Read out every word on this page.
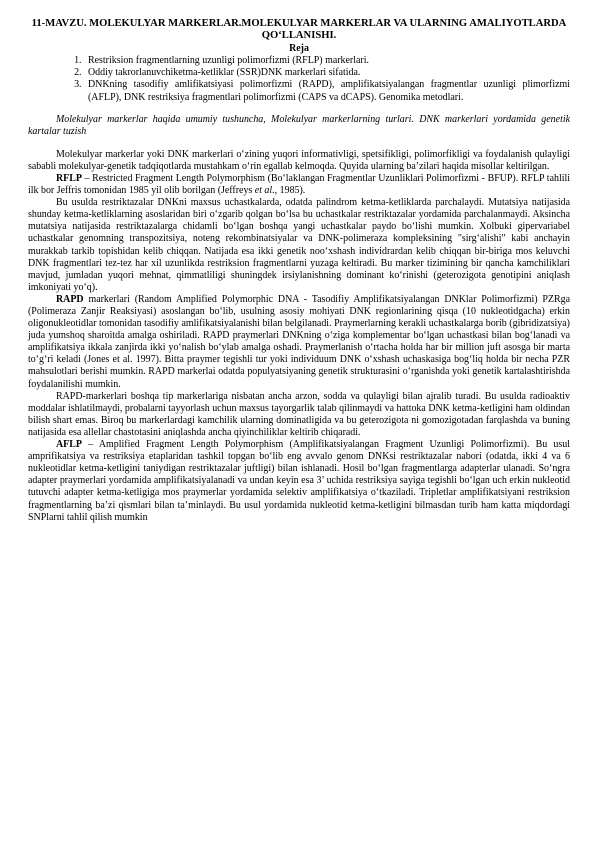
11-MAVZU. MOLEKULYAR MARKERLAR.MOLEKULYAR MARKERLAR VA ULARNING AMALIYOTLARDA QO‘LLANISHI.

Reja

1. Restriksion fragmentlarning uzunligi polimorfizmi (RFLP) markerlari.
2. Oddiy takrorlanuvchiketma-ketliklar (SSR)DNK markerlari sifatida.
3. DNKning tasodifiy amlifikatsiyasi polimorfizmi (RAPD), amplifikatsiyalangan fragmentlar uzunligi plimorfizmi (AFLP), DNK restriksiya fragmentlari polimorfizmi (CAPS va dCAPS). Genomika metodlari.

Molekulyar markerlar haqida umumiy tushuncha, Molekulyar markerlarning turlari. DNK markerlari yordamida genetik kartalar tuzish

Molekulyar markerlar yoki DNK markerlari o‘zining yuqori informativligi, spetsifikligi, polimorfikligi va foydalanish qulayligi sababli molekulyar-genetik tadqiqotlarda mustahkam o‘rin egallab kelmoqda. Quyida ularning ba’zilari haqida misollar keltirilgan.

RFLP – Restricted Fragment Length Polymorphism (Bo‘laklangan Fragmentlar Uzunliklari Polimorfizmi - BFUP). RFLP tahlili ilk bor Jeffris tomonidan 1985 yil olib borilgan (Jeffreys et al., 1985).

Bu usulda restriktazalar DNKni maxsus uchastkalarda, odatda palindrom ketma-ketliklarda parchalaydi. Mutatsiya natijasida shunday ketma-ketliklarning asoslaridan biri o‘zgarib qolgan bo‘lsa bu uchastkalar restriktazalar yordamida parchalanmaydi. Aksincha mutatsiya natijasida restriktazalarga chidamli bo‘lgan boshqa yangi uchastkalar paydo bo‘lishi mumkin. Xolbuki gipervariabel uchastkalar genomning transpozitsiya, noteng rekombinatsiyalar va DNK-polimeraza kompleksining "sirg‘alishi" kabi anchayin murakkab tarkib topishidan kelib chiqqan. Natijada esa ikki genetik noo‘xshash individrardan kelib chiqqan bir-biriga mos keluvchi DNK fragmentlari tez-tez har xil uzunlikda restriksion fragmentlarni yuzaga keltiradi. Bu marker tizimining bir qancha kamchiliklari mavjud, jumladan yuqori mehnat, qimmatliligi shuningdek irsiylanishning dominant ko‘rinishi (geterozigota genotipini aniqlash imkoniyati yo‘q).

RAPD markerlari (Random Amplified Polymorphic DNA - Tasodifiy Amplifikatsiyalangan DNKlar Polimorfizmi) PZRga (Polimeraza Zanjir Reaksiyasi) asoslangan bo‘lib, usulning asosiy mohiyati DNK regionlarining qisqa (10 nukleotidgacha) erkin oligonukleotidlar tomonidan tasodifiy amlifikatsiyalanishi bilan belgilanadi. Praymerlarning kerakli uchastkalarga borib (gibridizatsiya) juda yumshoq sharoitda amalga oshiriladi. RAPD praymerlari DNKning o‘ziga komplementar bo‘lgan uchastkasi bilan bog‘lanadi va amplifikatsiya ikkala zanjirda ikki yo‘nalish bo‘ylab amalga oshadi. Praymerlanish o‘rtacha holda har bir million juft asosga bir marta to‘g‘ri keladi (Jones et al. 1997). Bitta praymer tegishli tur yoki individuum DNK o‘xshash uchaskasiga bog‘liq holda bir necha PZR mahsulotlari berishi mumkin. RAPD markerlai odatda populyatsiyaning genetik strukturasini o‘rganishda yoki genetik kartalashtirishda foydalanilishi mumkin.

RAPD-markerlari boshqa tip markerlariga nisbatan ancha arzon, sodda va qulayligi bilan ajralib turadi. Bu usulda radioaktiv moddalar ishlatilmaydi, probalarni tayyorlash uchun maxsus tayorgarlik talab qilinmaydi va hattoka DNK ketma-ketligini ham oldindan bilish shart emas. Biroq bu markerlardagi kamchilik ularning dominatligida va bu geterozigota ni gomozigotadan farqlashda va buning natijasida esa allellar chastotasini aniqlashda ancha qiyinchiliklar keltirib chiqaradi.

AFLP – Amplified Fragment Length Polymorphism (Amplifikatsiyalangan Fragment Uzunligi Polimorfizmi). Bu usul amprifikatsiya va restriksiya etaplaridan tashkil topgan bo‘lib eng avvalo genom DNKsi restriktazalar nabori (odatda, ikki 4 va 6 nukleotidlar ketma-ketligini taniydigan restriktazalar juftligi) bilan ishlanadi. Hosil bo‘lgan fragmentlarga adapterlar ulanadi. So‘ngra adapter praymerlari yordamida amplifikatsiyalanadi va undan keyin esa 3’ uchida restriksiya sayiga tegishli bo‘lgan uch erkin nukleotid tutuvchi adapter ketma-ketligiga mos praymerlar yordamida selektiv amplifikatsiya o‘tkaziladi. Tripletlar amplifikatsiyani restriksion fragmentlarning ba’zi qismlari bilan ta’minlaydi. Bu usul yordamida nukleotid ketma-ketligini bilmasdan turib ham katta miqdordagi SNPlarni tahlil qilish mumkin
